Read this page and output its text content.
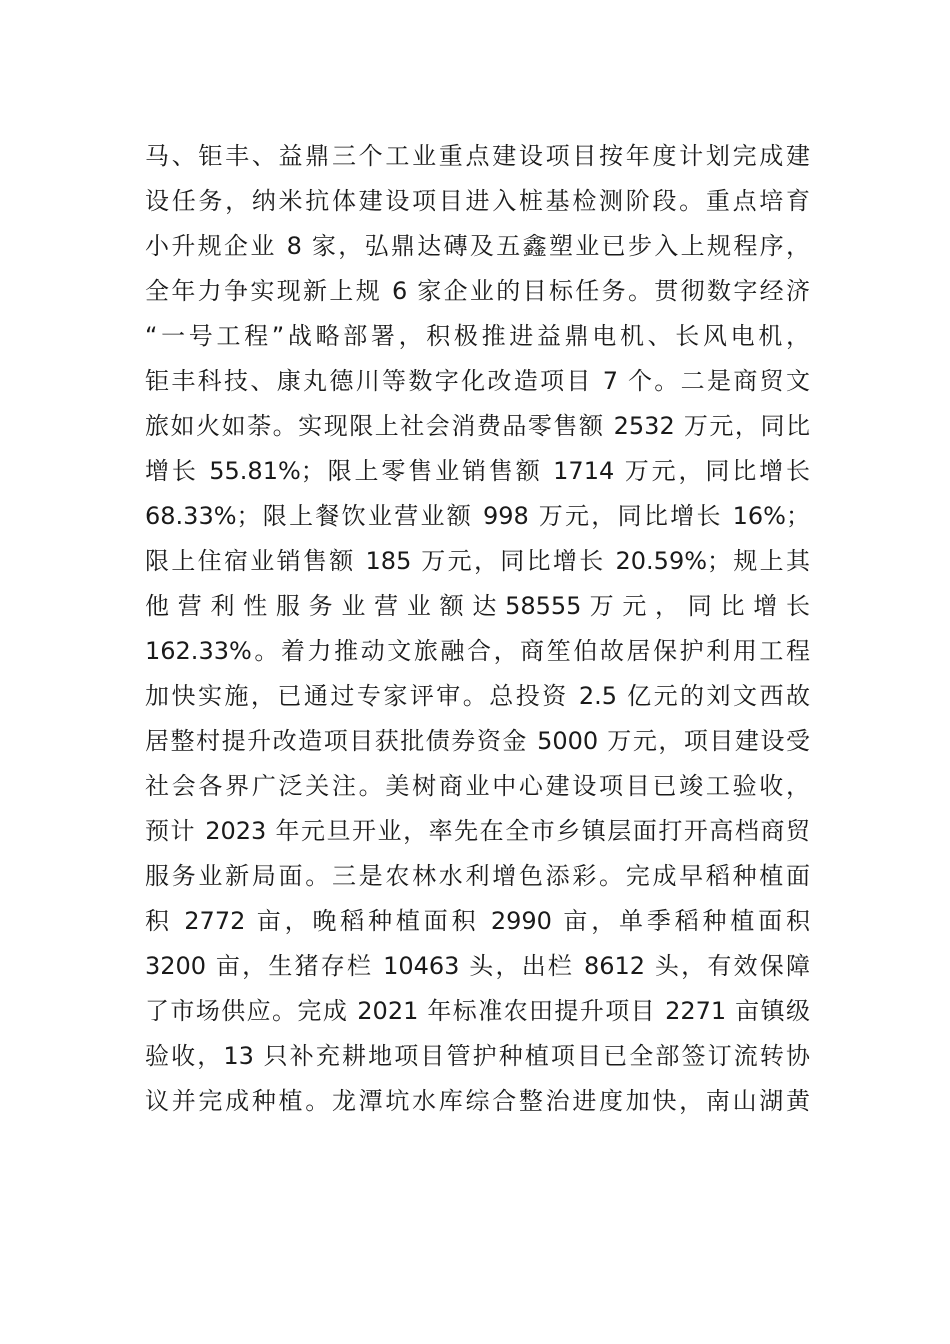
马、钜丰、益鼎三个工业重点建设项目按年度计划完成建
设任务，纳米抗体建设项目进入桩基检测阶段。重点培育
小升规企业 8 家，弘鼎达磚及五鑫塑业已步入上规程序，
全年力争实现新上规 6 家企业的目标任务。贯彻数字经济
“一号工程”战略部署，积极推进益鼎电机、长风电机，
钜丰科技、康丸德川等数字化改造项目 7 个。二是商贸文
旅如火如荼。实现限上社会消费品零售额 2532 万元，同比
增长 55.81%；限上零售业销售额 1714 万元，同比增长
68.33%；限上餐饮业营业额 998 万元，同比增长 16%；
限上住宿业销售额 185 万元，同比增长 20.59%；规上其
他 营 利 性 服 务 业 营 业 额 达 58555 万 元 ， 同 比 增 长
162.33%。着力推动文旅融合，商笙伯故居保护利用工程
加快实施，已通过专家评审。总投资 2.5 亿元的刘文西故
居整村提升改造项目获批债券资金 5000 万元，项目建设受
社会各界广泛关注。美树商业中心建设项目已竣工验收，
预计 2023 年元旦开业，率先在全市乡镇层面打开高档商贸
服务业新局面。三是农林水利增色添彩。完成早稻种植面
积 2772 亩，晚稻种植面积 2990 亩，单季稻种植面积
3200 亩，生猪存栏 10463 头，出栏 8612 头，有效保障
了市场供应。完成 2021 年标准农田提升项目 2271 亩镇级
验收，13 只补充耕地项目管护种植项目已全部签订流转协
议并完成种植。龙潭坑水库综合整治进度加快，南山湖黄
